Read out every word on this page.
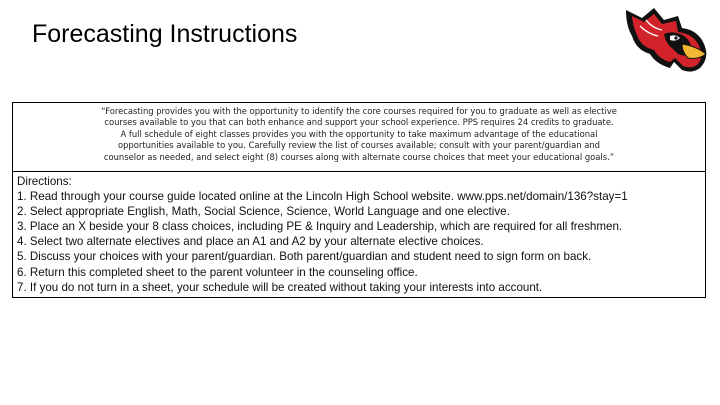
Forecasting Instructions
“Forecasting provides you with the opportunity to identify the core courses required for you to graduate as well as elective
courses available to you that can both enhance and support your school experience. PPS requires 24 credits to graduate.
A full schedule of eight classes provides you with the opportunity to take maximum advantage of the educational
opportunities available to you. Carefully review the list of courses available; consult with your parent/guardian and
counselor as needed, and select eight (8) courses along with alternate course choices that meet your educational goals.”
Directions:
1. Read through your course guide located online at the Lincoln High School website. www.pps.net/domain/136?stay=1
2. Select appropriate English, Math, Social Science, Science, World Language and one elective.
3. Place an X beside your 8 class choices, including PE & Inquiry and Leadership, which are required for all freshmen.
4. Select two alternate electives and place an A1 and A2 by your alternate elective choices.
5. Discuss your choices with your parent/guardian. Both parent/guardian and student need to sign form on back.
6. Return this completed sheet to the parent volunteer in the counseling office.
7. If you do not turn in a sheet, your schedule will be created without taking your interests into account.
